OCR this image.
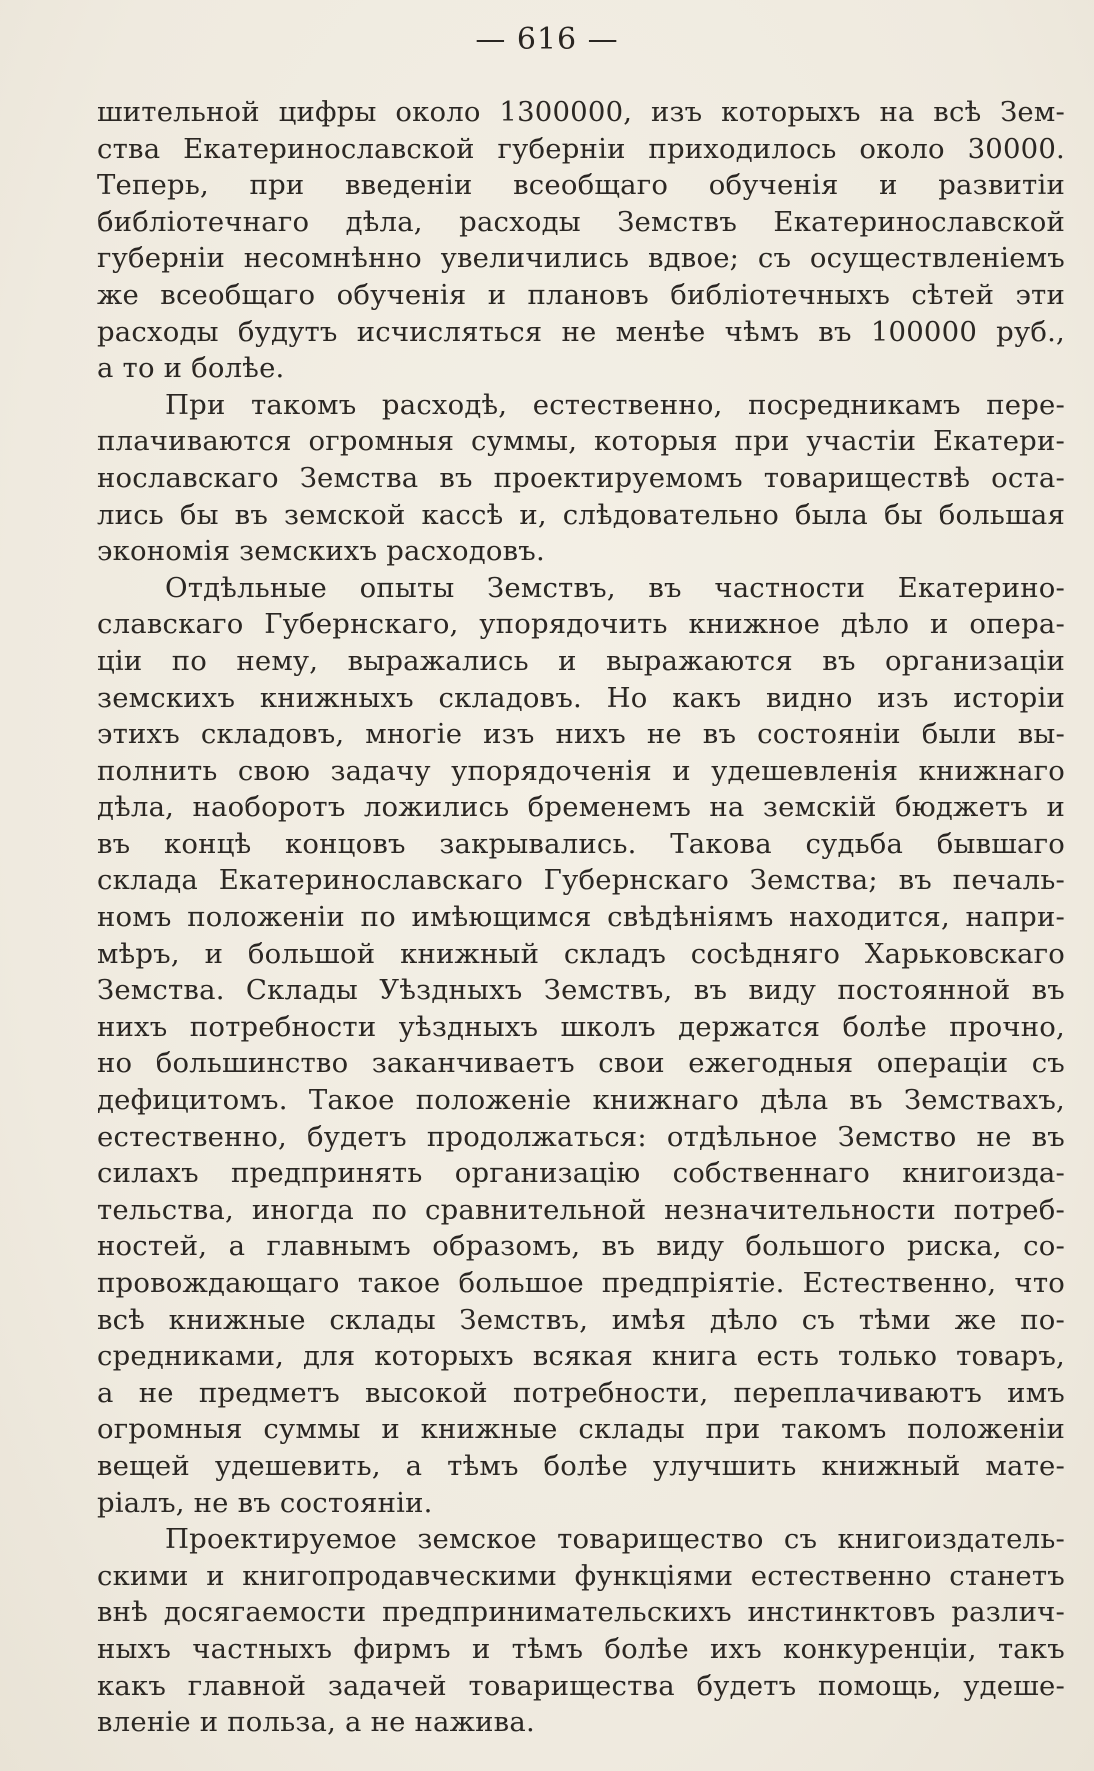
— 616 —
шительной цифры около 1300000, изъ которыхъ на всѣ Зем-
ства Екатеринославской губерніи приходилось около 30000.
Теперь, при введеніи всеобщаго обученія и развитіи
библіотечнаго дѣла, расходы Земствъ Екатеринославской
губерніи несомнѣнно увеличились вдвое; съ осуществленіемъ
же всеобщаго обученія и плановъ библіотечныхъ сѣтей эти
расходы будутъ исчисляться не менѣе чѣмъ въ 100000 руб.,
а то и болѣе.
При такомъ расходѣ, естественно, посредникамъ пере-
плачиваются огромныя суммы, которыя при участіи Екатери-
нославскаго Земства въ проектируемомъ товариществѣ оста-
лись бы въ земской кассѣ и, слѣдовательно была бы большая
экономія земскихъ расходовъ.
Отдѣльные опыты Земствъ, въ частности Екатерино-
славскаго Губернскаго, упорядочить книжное дѣло и опера-
ціи по нему, выражались и выражаются въ организаціи
земскихъ книжныхъ складовъ. Но какъ видно изъ исторіи
этихъ складовъ, многіе изъ нихъ не въ состояніи были вы-
полнить свою задачу упорядоченія и удешевленія книжнаго
дѣла, наоборотъ ложились бременемъ на земскій бюджетъ и
въ концѣ концовъ закрывались. Такова судьба бывшаго
склада Екатеринославскаго Губернскаго Земства; въ печаль-
номъ положеніи по имѣющимся свѣдѣніямъ находится, напри-
мѣръ, и большой книжный складъ сосѣдняго Харьковскаго
Земства. Склады Уѣздныхъ Земствъ, въ виду постоянной въ
нихъ потребности уѣздныхъ школъ держатся болѣе прочно,
но большинство заканчиваетъ свои ежегодныя операціи съ
дефицитомъ. Такое положеніе книжнаго дѣла въ Земствахъ,
естественно, будетъ продолжаться: отдѣльное Земство не въ
силахъ предпринять организацію собственнаго книгоизда-
тельства, иногда по сравнительной незначительности потреб-
ностей, а главнымъ образомъ, въ виду большого риска, со-
провождающаго такое большое предпріятіе. Естественно, что
всѣ книжные склады Земствъ, имѣя дѣло съ тѣми же по-
средниками, для которыхъ всякая книга есть только товаръ,
а не предметъ высокой потребности, переплачиваютъ имъ
огромныя суммы и книжные склады при такомъ положеніи
вещей удешевить, а тѣмъ болѣе улучшить книжный мате-
ріалъ, не въ состояніи.
Проектируемое земское товарищество съ книгоиздатель-
скими и книгопродавческими функціями естественно станетъ
внѣ досягаемости предпринимательскихъ инстинктовъ различ-
ныхъ частныхъ фирмъ и тѣмъ болѣе ихъ конкуренціи, такъ
какъ главной задачей товарищества будетъ помощь, удеше-
вленіе и польза, а не нажива.
